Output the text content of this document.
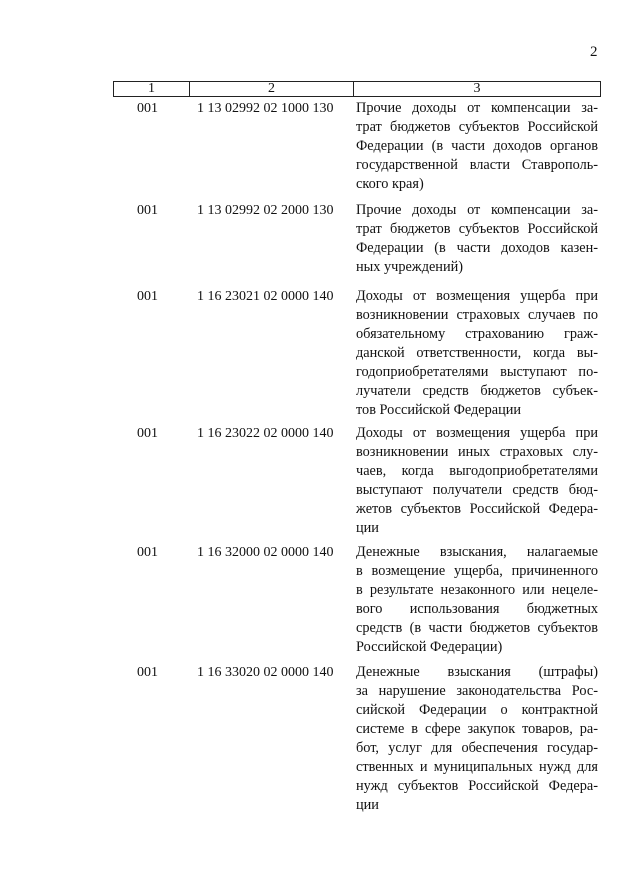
2
1	2	3
001	1 13 02992 02 1000 130 Прочие доходы от компенсации за-
трат бюджетов субъектов Российской
Федерации (в части доходов органов
государственной власти Ставрополь-
ского края)
001	1 13 02992 02 2000 130 Прочие доходы от компенсации за-
трат бюджетов субъектов Российской
Федерации (в части доходов казен-
ных учреждений)
001	1 16 23021 02 0000 140 Доходы от возмещения ущерба при
возникновении страховых случаев по
обязательному страхованию граж-
данской ответственности, когда вы-
годоприобретателями выступают по-
лучатели средств бюджетов субъек-
тов Российской Федерации
001	1 16 23022 02 0000 140 Доходы от возмещения ущерба при
возникновении иных страховых слу-
чаев, когда выгодоприобретателями
выступают получатели средств бюд-
жетов субъектов Российской Федера-
ции
001	1 16 32000 02 0000 140 Денежные взыскания, налагаемые
в возмещение ущерба, причиненного
в результате незаконного или нецеле-
вого использования бюджетных
средств (в части бюджетов субъектов
Российской Федерации)
001	1 16 33020 02 0000 140 Денежные взыскания (штрафы)
за нарушение законодательства Рос-
сийской Федерации о контрактной
системе в сфере закупок товаров, ра-
бот, услуг для обеспечения государ-
ственных и муниципальных нужд для
нужд субъектов Российской Федера-
ции
